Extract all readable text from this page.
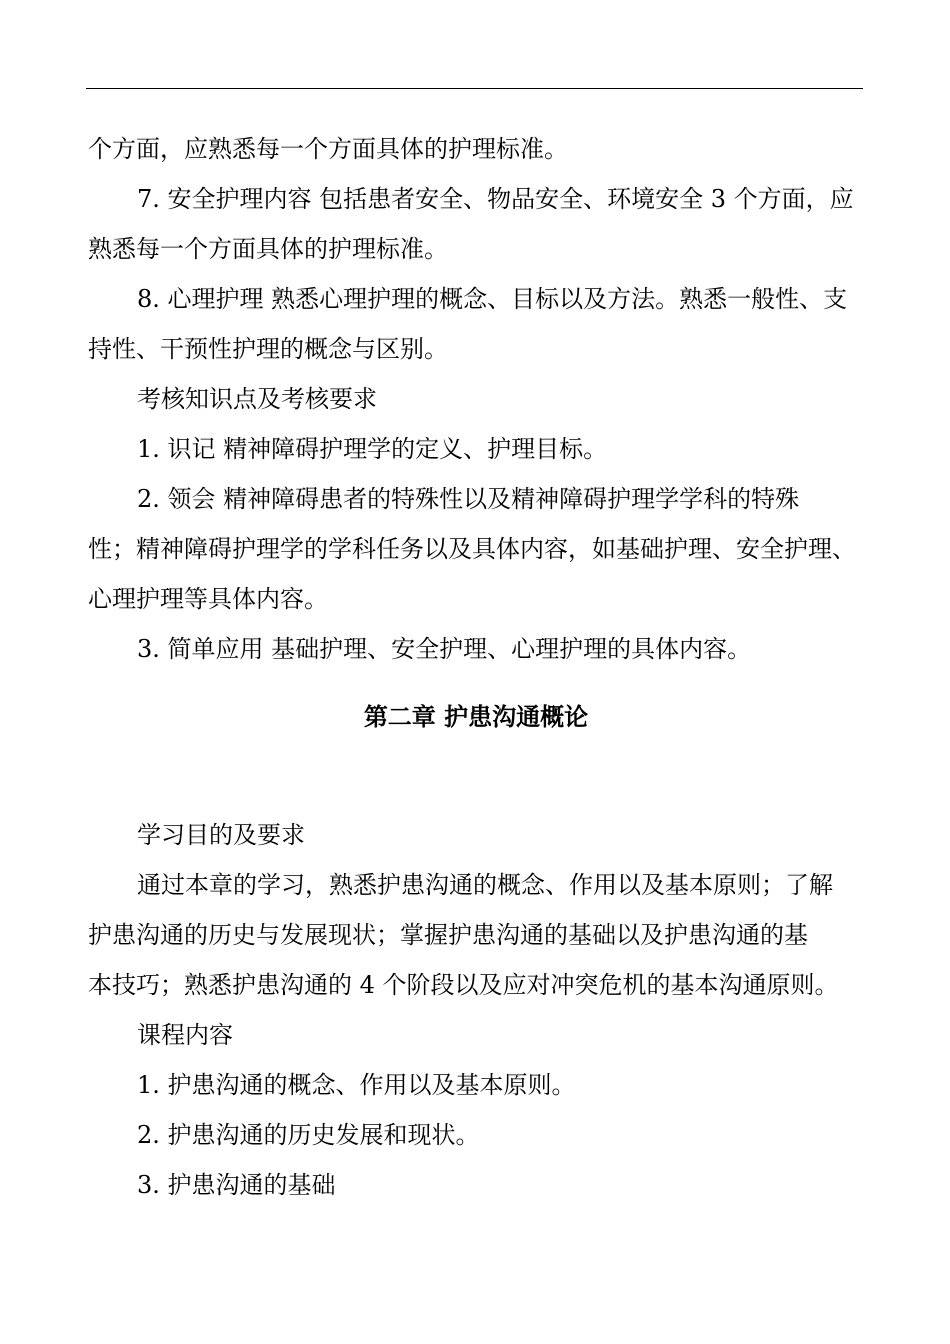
个方面，应熟悉每一个方面具体的护理标准。
7. 安全护理内容 包括患者安全、物品安全、环境安全 3 个方面，应
熟悉每一个方面具体的护理标准。
8. 心理护理 熟悉心理护理的概念、目标以及方法。熟悉一般性、支
持性、干预性护理的概念与区别。
考核知识点及考核要求
1. 识记 精神障碍护理学的定义、护理目标。
2. 领会 精神障碍患者的特殊性以及精神障碍护理学学科的特殊
性；精神障碍护理学的学科任务以及具体内容，如基础护理、安全护理、
心理护理等具体内容。
3. 简单应用 基础护理、安全护理、心理护理的具体内容。
第二章 护患沟通概论
学习目的及要求
通过本章的学习，熟悉护患沟通的概念、作用以及基本原则；了解
护患沟通的历史与发展现状；掌握护患沟通的基础以及护患沟通的基
本技巧；熟悉护患沟通的 4 个阶段以及应对冲突危机的基本沟通原则。
课程内容
1. 护患沟通的概念、作用以及基本原则。
2. 护患沟通的历史发展和现状。
3. 护患沟通的基础
